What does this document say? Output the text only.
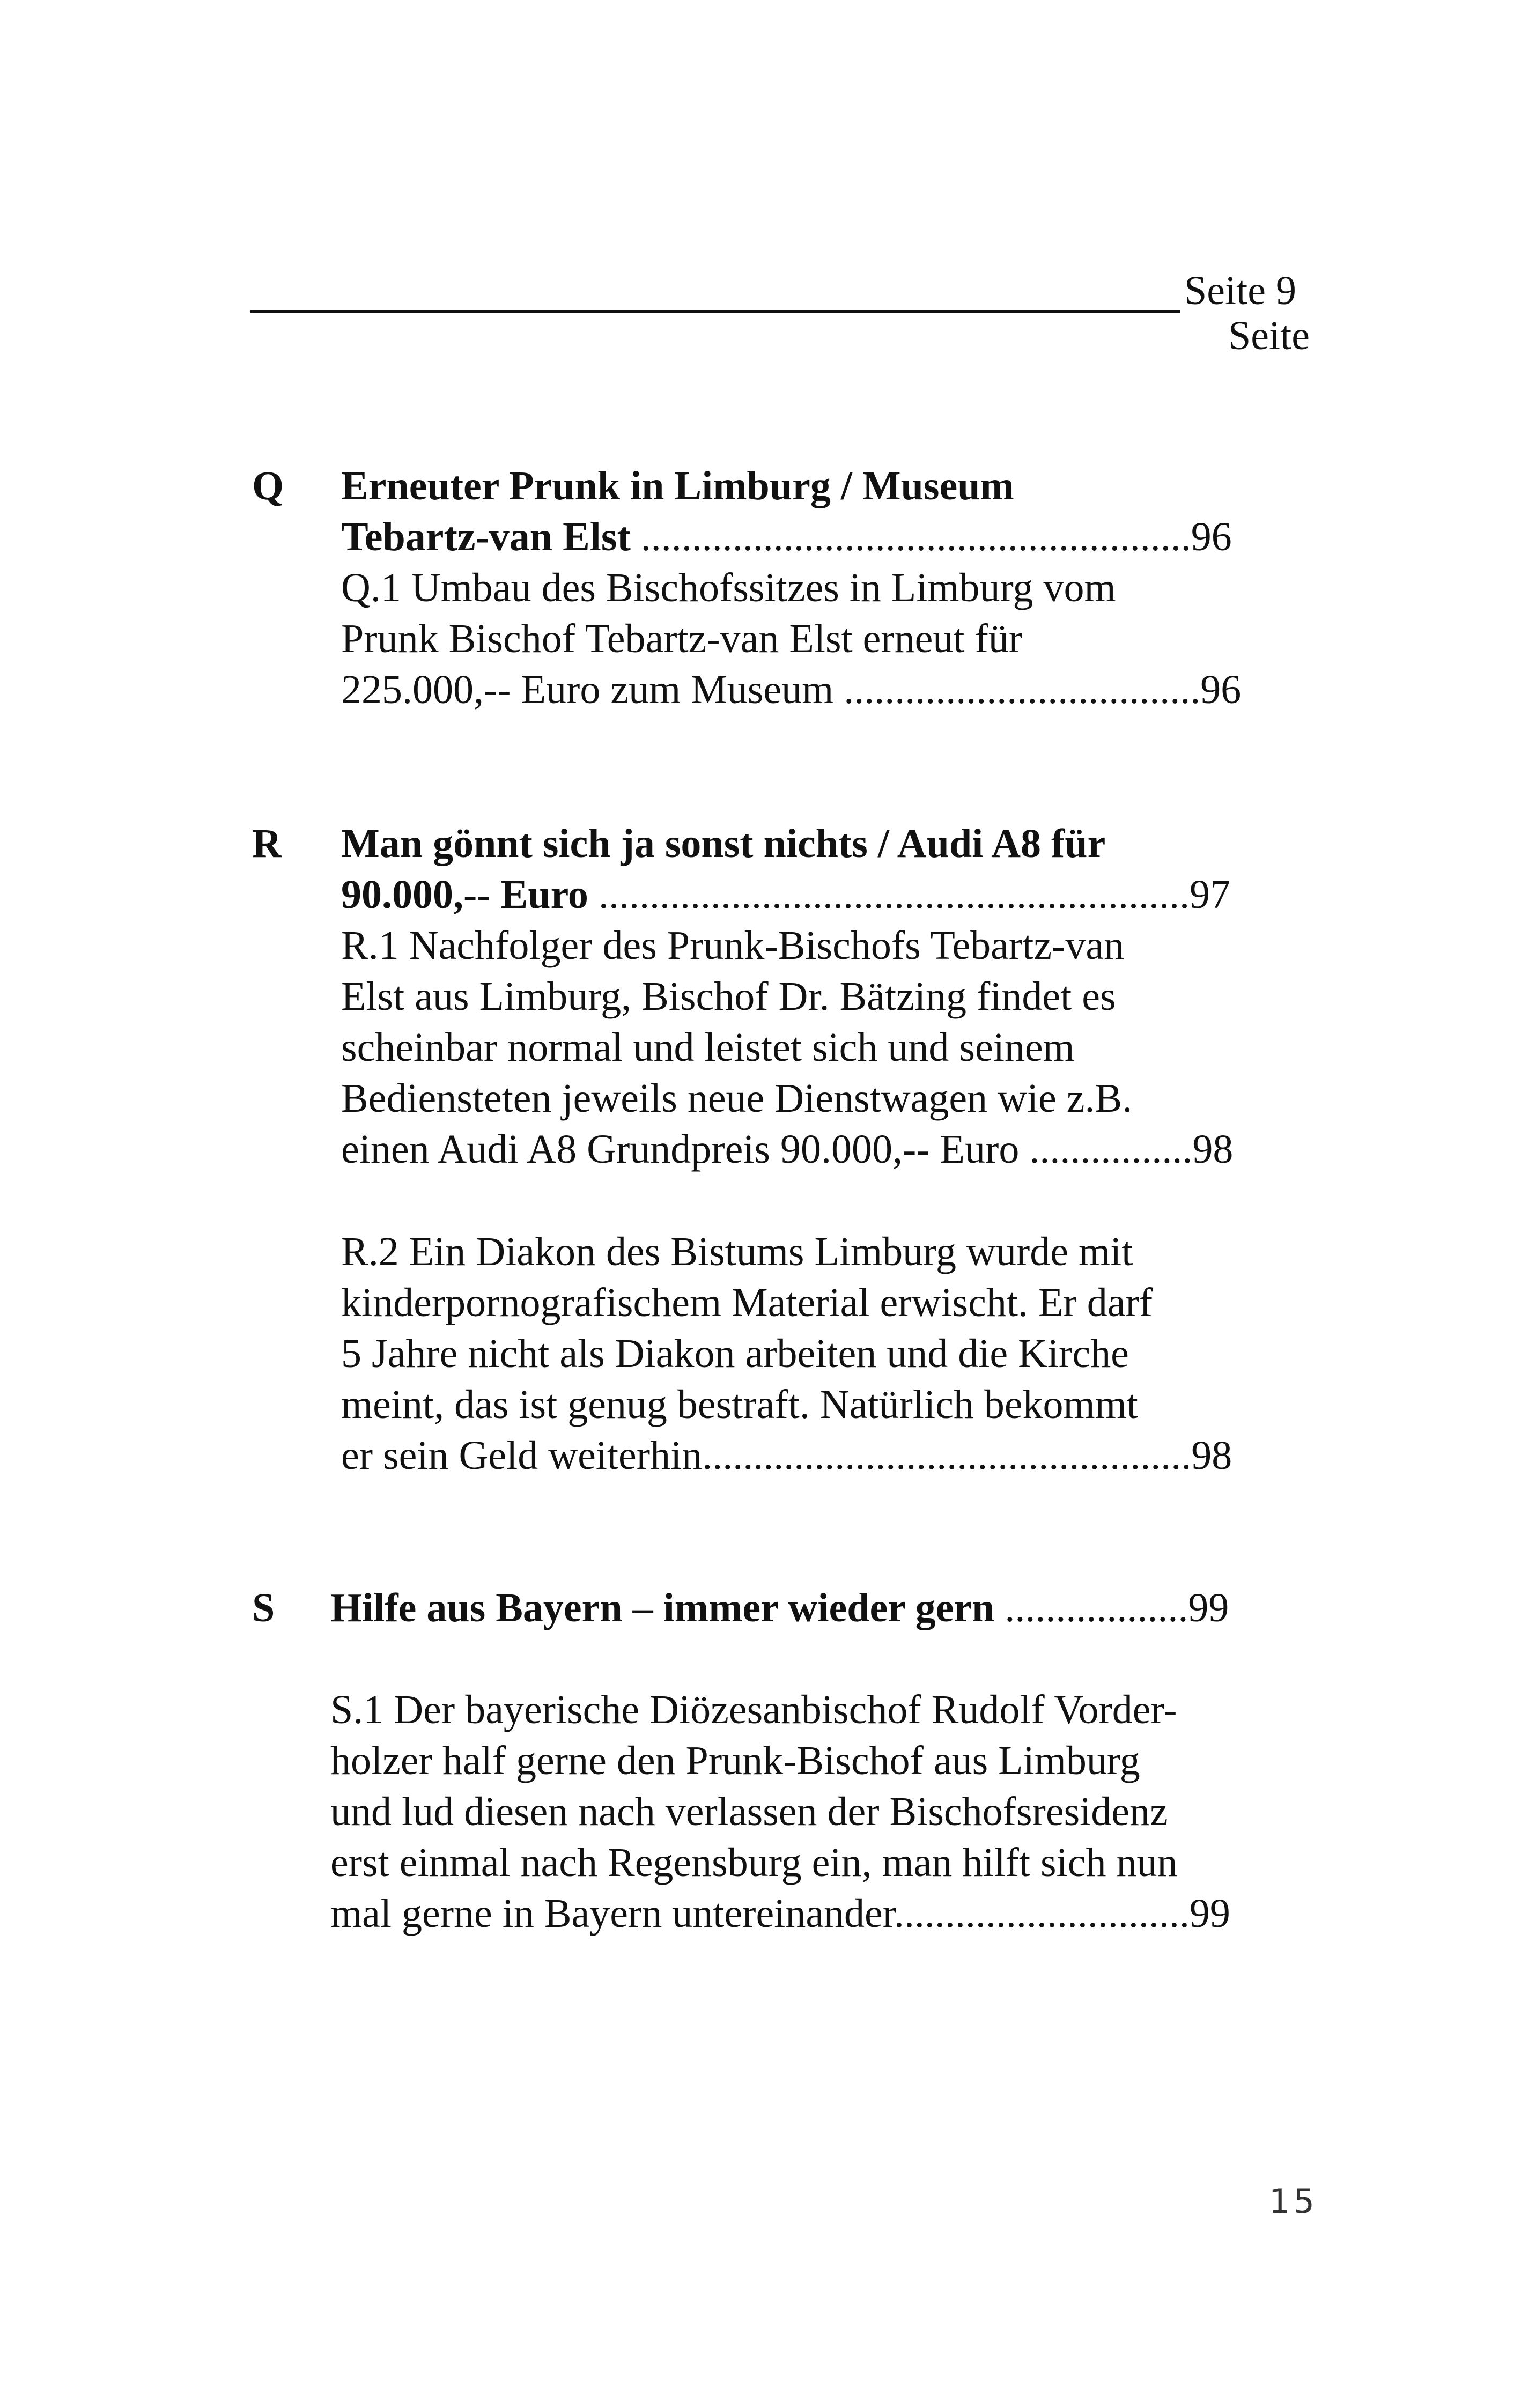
Seite 9
Seite
Q Erneuter Prunk in Limburg / Museum
Tebartz-van Elst ......................................................96
Q.1 Umbau des Bischofssitzes in Limburg vom
Prunk Bischof Tebartz-van Elst erneut für
225.000,-- Euro zum Museum ...................................96
R Man gönnt sich ja sonst nichts / Audi A8 für
90.000,-- Euro ..........................................................97
R.1 Nachfolger des Prunk-Bischofs Tebartz-van
Elst aus Limburg, Bischof Dr. Bätzing findet es
scheinbar normal und leistet sich und seinem
Bediensteten jeweils neue Dienstwagen wie z.B.
einen Audi A8 Grundpreis 90.000,-- Euro ................98
R.2 Ein Diakon des Bistums Limburg wurde mit
kinderpornografischem Material erwischt. Er darf
5 Jahre nicht als Diakon arbeiten und die Kirche
meint, das ist genug bestraft. Natürlich bekommt
er sein Geld weiterhin................................................98
S Hilfe aus Bayern – immer wieder gern ..................99
S.1 Der bayerische Diözesanbischof Rudolf Vorder-
holzer half gerne den Prunk-Bischof aus Limburg
und lud diesen nach verlassen der Bischofsresidenz
erst einmal nach Regensburg ein, man hilft sich nun
mal gerne in Bayern untereinander.............................99
15
